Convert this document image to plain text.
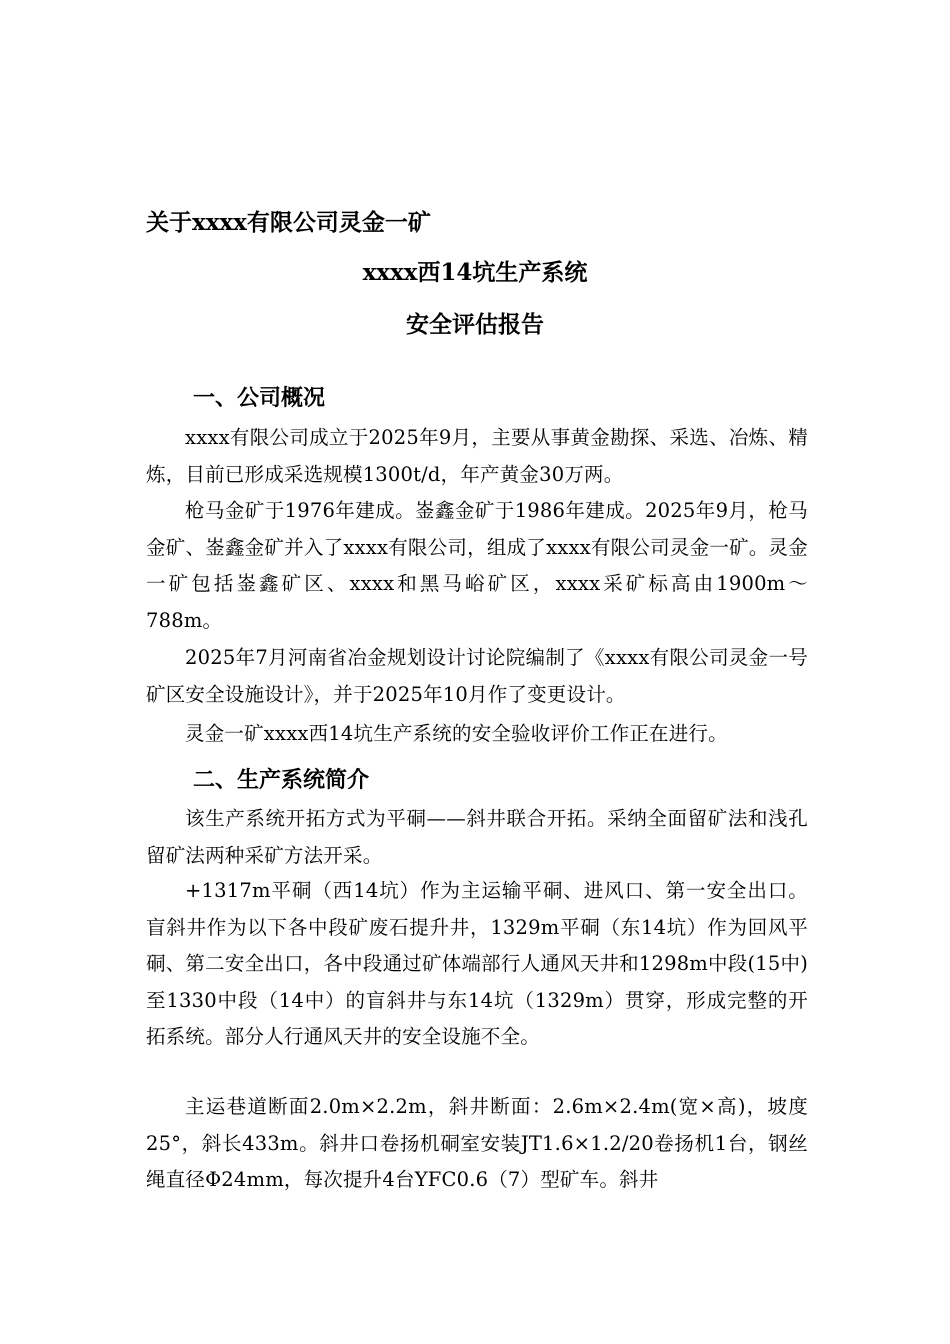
关于xxxx有限公司灵金一矿
xxxx西14坑生产系统
安全评估报告
一、公司概况
xxxx有限公司成立于2025年9月，主要从事黄金勘探、采选、冶炼、精炼，目前已形成采选规模1300t/d，年产黄金30万两。
枪马金矿于1976年建成。崟鑫金矿于1986年建成。2025年9月，枪马金矿、崟鑫金矿并入了xxxx有限公司，组成了xxxx有限公司灵金一矿。灵金一矿包括崟鑫矿区、xxxx和黑马峪矿区，xxxx采矿标高由1900m～788m。
2025年7月河南省冶金规划设计讨论院编制了《xxxx有限公司灵金一号矿区安全设施设计》，并于2025年10月作了变更设计。
灵金一矿xxxx西14坑生产系统的安全验收评价工作正在进行。
二、生产系统简介
该生产系统开拓方式为平硐——斜井联合开拓。采纳全面留矿法和浅孔留矿法两种采矿方法开采。
+1317m平硐（西14坑）作为主运输平硐、进风口、第一安全出口。盲斜井作为以下各中段矿废石提升井，1329m平硐（东14坑）作为回风平硐、第二安全出口，各中段通过矿体端部行人通风天井和1298m中段(15中)至1330中段（14中）的盲斜井与东14坑（1329m）贯穿，形成完整的开拓系统。部分人行通风天井的安全设施不全。
主运巷道断面2.0m×2.2m，斜井断面：2.6m×2.4m(宽×高)，坡度25°，斜长433m。斜井口卷扬机硐室安装JT1.6×1.2/20卷扬机1台，钢丝绳直径Φ24mm，每次提升4台YFC0.6（7）型矿车。斜井
